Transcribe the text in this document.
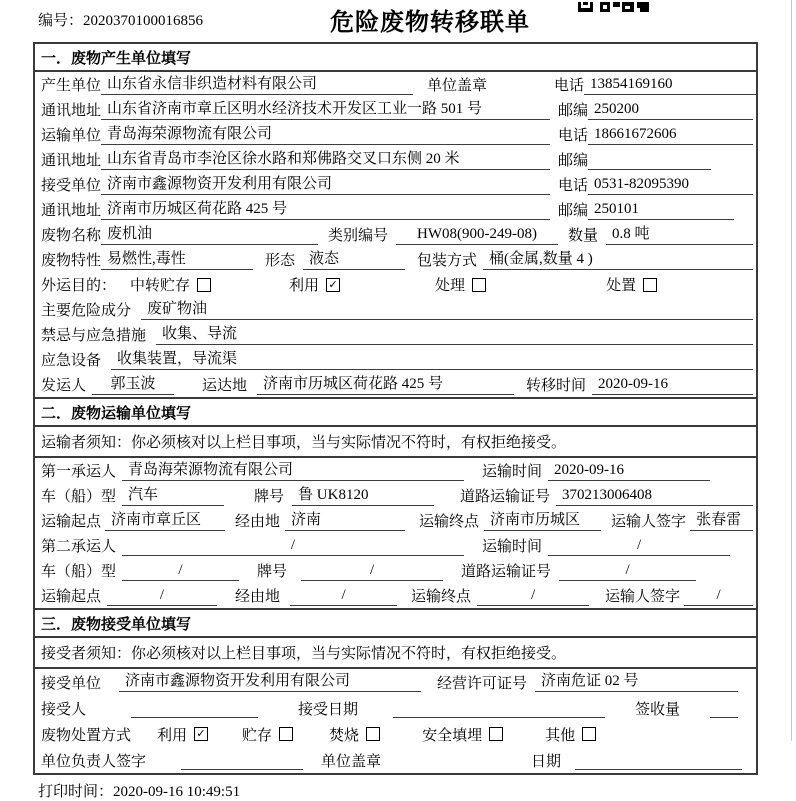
编号：2020370100016856	危险废物转移联单
一．废物产生单位填写
产生单位 山东省永信非织造材料有限公司	单位盖章	电话 13854169160
通讯地址 山东省济南市章丘区明水经济技术开发区工业一路 501 号	邮编 250200
运输单位 青岛海荣源物流有限公司	电话 18661672606
通讯地址 山东省青岛市李沧区徐水路和郑佛路交叉口东侧 20 米	邮编
接受单位 济南市鑫源物资开发利用有限公司	电话 0531-82095390
通讯地址 济南市历城区荷花路 425 号	邮编 250101
废物名称 废机油	类别编号	HW08(900-249-08)	数量 0.8 吨
废物特性 易燃性,毒性	形态 液态	包装方式 桶(金属,数量 4 )
外运目的： 中转贮存	利用 ✓	处理	处置
主要危险成分	废矿物油
禁忌与应急措施	收集、导流
应急设备	收集装置，导流渠
发运人	郭玉波	运达地	济南市历城区荷花路 425 号	转移时间 2020-09-16
二．废物运输单位填写
运输者须知：你必须核对以上栏目事项，当与实际情况不符时，有权拒绝接受。
第一承运人 青岛海荣源物流有限公司	运输时间 2020-09-16
车（船）型 汽车	牌号 鲁 UK8120	道路运输证号 370213006408
运输起点 济南市章丘区	经由地 济南	运输终点 济南市历城区	运输人签字 张春雷
第二承运人	/	运输时间	/
车（船）型	/	牌号	/	道路运输证号	/
运输起点	/	经由地	/	运输终点	/	运输人签字	/
三．废物接受单位填写
接受者须知：你必须核对以上栏目事项，当与实际情况不符时，有权拒绝接受。
接受单位	济南市鑫源物资开发利用有限公司	经营许可证号 济南危证 02 号
接受人	接受日期	签收量
废物处置方式 利用 ✓ 贮存	焚烧	安全填埋	其他
单位负责人签字	单位盖章	日期
打印时间：2020-09-16 10:49:51
